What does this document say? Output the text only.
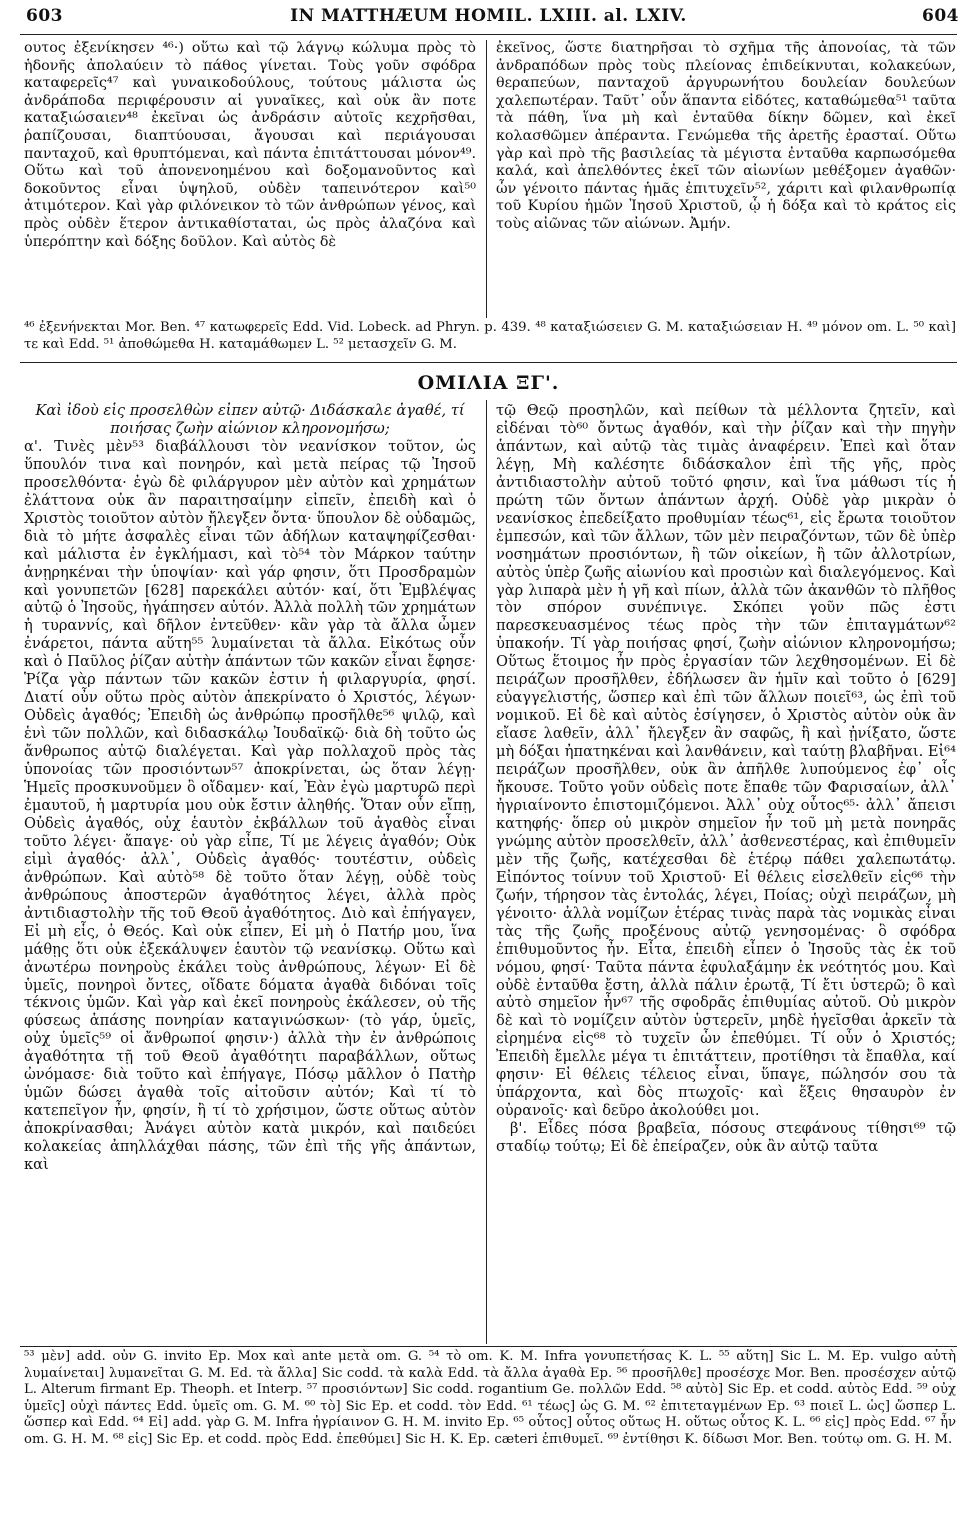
603	IN MATTHÆUM HOMIL. LXIII. al. LXIV.	604

ουτος ἐξενίκησεν ⁴⁶·) οὕτω καὶ τῷ λάγνῳ κώλυμα πρὸς τὸ ἡδονῆς ἀπολαύειν τὸ πάθος γίνεται. Τοὺς γοῦν σφόδρα καταφερεῖς⁴⁷ καὶ γυναικοδούλους, τούτους μάλιστα ὡς ἀνδράποδα περιφέρουσιν αἱ γυναῖκες, καὶ οὐκ ἂν ποτε καταξιώσαιεν⁴⁸ ἐκεῖναι ὡς ἀνδράσιν αὐτοῖς κεχρῆσθαι, ῥαπίζουσαι, διαπτύουσαι, ἄγουσαι καὶ περιάγουσαι πανταχοῦ, καὶ θρυπτόμεναι, καὶ πάντα ἐπιτάττουσαι μόνον⁴⁹. Οὕτω καὶ τοῦ ἀπονενοημένου καὶ δοξομανοῦντος καὶ δοκοῦντος εἶναι ὑψηλοῦ, οὐδὲν ταπεινότερον καὶ⁵⁰ ἀτιμότερον. Καὶ γὰρ φιλόνεικον τὸ τῶν ἀνθρώπων γένος, καὶ πρὸς οὐδὲν ἕτερον ἀντικαθίσταται, ὡς πρὸς ἀλαζόνα καὶ ὑπερόπτην καὶ δόξης δοῦλον. Καὶ αὐτὸς δὲ

ἐκεῖνος, ὥστε διατηρῆσαι τὸ σχῆμα τῆς ἀπονοίας, τὰ τῶν ἀνδραπόδων πρὸς τοὺς πλείονας ἐπιδείκνυται, κολακεύων, θεραπεύων, πανταχοῦ ἀργυρωνήτου δουλείαν δουλεύων χαλεπωτέραν. Ταῦτ᾽ οὖν ἅπαντα εἰδότες, καταθώμεθα⁵¹ ταῦτα τὰ πάθη, ἵνα μὴ καὶ ἐνταῦθα δίκην δῶμεν, καὶ ἐκεῖ κολασθῶμεν ἀπέραντα. Γενώμεθα τῆς ἀρετῆς ἐρασταί. Οὕτω γὰρ καὶ πρὸ τῆς βασιλείας τὰ μέγιστα ἐνταῦθα καρπωσόμεθα καλά, καὶ ἀπελθόντες ἐκεῖ τῶν αἰωνίων μεθέξομεν ἀγαθῶν· ὧν γένοιτο πάντας ἡμᾶς ἐπιτυχεῖν⁵², χάριτι καὶ φιλανθρωπίᾳ τοῦ Κυρίου ἡμῶν Ἰησοῦ Χριστοῦ, ᾧ ἡ δόξα καὶ τὸ κράτος εἰς τοὺς αἰῶνας τῶν αἰώνων. Ἀμήν.

⁴⁶ ἐξενήνεκται Mor. Ben. ⁴⁷ κατωφερεῖς Edd. Vid. Lobeck. ad Phryn. p. 439. ⁴⁸ καταξιώσειεν G. M. καταξιώσειαν H. ⁴⁹ μόνον om. L. ⁵⁰ καὶ] τε καὶ Edd. ⁵¹ ἀποθώμεθα H. καταμάθωμεν L. ⁵² μετασχεῖν G. M.
ΟΜΙΛΙΑ ΞΓ'.

Καὶ ἰδοὺ εἷς προσελθὼν εἶπεν αὐτῷ· Διδάσκαλε ἀγαθέ, τί ποιήσας ζωὴν αἰώνιον κληρονομήσω;

α'. Τινὲς μὲν⁵³ διαβάλλουσι τὸν νεανίσκον τοῦτον, ὡς ὕπουλόν τινα καὶ πονηρόν, καὶ μετὰ πείρας τῷ Ἰησοῦ προσελθόντα· ἐγὼ δὲ φιλάργυρον μὲν αὐτὸν καὶ χρημάτων ἐλάττονα οὐκ ἂν παραιτησαίμην εἰπεῖν, ἐπειδὴ καὶ ὁ Χριστὸς τοιοῦτον αὐτὸν ἤλεγξεν ὄντα· ὕπουλον δὲ οὐδαμῶς, διὰ τὸ μήτε ἀσφαλὲς εἶναι τῶν ἀδήλων καταψηφίζεσθαι· καὶ μάλιστα ἐν ἐγκλήμασι, καὶ τὸ⁵⁴ τὸν Μάρκον ταύτην ἀνῃρηκέναι τὴν ὑποψίαν· καὶ γάρ φησιν, ὅτι Προσδραμὼν καὶ γονυπετῶν [628] παρεκάλει αὐτόν· καί, ὅτι Ἐμβλέψας αὐτῷ ὁ Ἰησοῦς, ἠγάπησεν αὐτόν. Ἀλλὰ πολλὴ τῶν χρημάτων ἡ τυραννίς, καὶ δῆλον ἐντεῦθεν· κἂν γὰρ τὰ ἄλλα ὦμεν ἐνάρετοι, πάντα αὕτη⁵⁵ λυμαίνεται τὰ ἄλλα. Εἰκότως οὖν καὶ ὁ Παῦλος ῥίζαν αὐτὴν ἁπάντων τῶν κακῶν εἶναι ἔφησε· Ῥίζα γὰρ πάντων τῶν κακῶν ἐστιν ἡ φιλαργυρία, φησί. Διατί οὖν οὕτω πρὸς αὐτὸν ἀπεκρίνατο ὁ Χριστός, λέγων· Οὐδεὶς ἀγαθός; Ἐπειδὴ ὡς ἀνθρώπῳ προσῆλθε⁵⁶ ψιλῷ, καὶ ἑνὶ τῶν πολλῶν, καὶ διδασκάλῳ Ἰουδαϊκῷ· διὰ δὴ τοῦτο ὡς ἄνθρωπος αὐτῷ διαλέγεται. Καὶ γὰρ πολλαχοῦ πρὸς τὰς ὑπονοίας τῶν προσιόντων⁵⁷ ἀποκρίνεται, ὡς ὅταν λέγῃ· Ἡμεῖς προσκυνοῦμεν ὃ οἴδαμεν· καί, Ἐὰν ἐγὼ μαρτυρῶ περὶ ἐμαυτοῦ, ἡ μαρτυρία μου οὐκ ἔστιν ἀληθής. Ὅταν οὖν εἴπῃ, Οὐδεὶς ἀγαθός, οὐχ ἑαυτὸν ἐκβάλλων τοῦ ἀγαθὸς εἶναι τοῦτο λέγει· ἄπαγε· οὐ γὰρ εἶπε, Τί με λέγεις ἀγαθόν; Οὐκ εἰμὶ ἀγαθός· ἀλλ᾽, Οὐδεὶς ἀγαθός· τουτέστιν, οὐδεὶς ἀνθρώπων. Καὶ αὐτὸ⁵⁸ δὲ τοῦτο ὅταν λέγῃ, οὐδὲ τοὺς ἀνθρώπους ἀποστερῶν ἀγαθότητος λέγει, ἀλλὰ πρὸς ἀντιδιαστολὴν τῆς τοῦ Θεοῦ ἀγαθότητος. Διὸ καὶ ἐπήγαγεν, Εἰ μὴ εἷς, ὁ Θεός. Καὶ οὐκ εἶπεν, Εἰ μὴ ὁ Πατήρ μου, ἵνα μάθῃς ὅτι οὐκ ἐξεκάλυψεν ἑαυτὸν τῷ νεανίσκῳ. Οὕτω καὶ ἀνωτέρω πονηροὺς ἐκάλει τοὺς ἀνθρώπους, λέγων· Εἰ δὲ ὑμεῖς, πονηροὶ ὄντες, οἴδατε δόματα ἀγαθὰ διδόναι τοῖς τέκνοις ὑμῶν. Καὶ γὰρ καὶ ἐκεῖ πονηροὺς ἐκάλεσεν, οὐ τῆς φύσεως ἁπάσης πονηρίαν καταγινώσκων· (τὸ γάρ, ὑμεῖς, οὐχ ὑμεῖς⁵⁹ οἱ ἄνθρωποί φησιν·) ἀλλὰ τὴν ἐν ἀνθρώποις ἀγαθότητα τῇ τοῦ Θεοῦ ἀγαθότητι παραβάλλων, οὕτως ὠνόμασε· διὰ τοῦτο καὶ ἐπήγαγε, Πόσῳ μᾶλλον ὁ Πατὴρ ὑμῶν δώσει ἀγαθὰ τοῖς αἰτοῦσιν αὐτόν; Καὶ τί τὸ κατεπεῖγον ἦν, φησίν, ἢ τί τὸ χρήσιμον, ὥστε οὕτως αὐτὸν ἀποκρίνασθαι; Ἀνάγει αὐτὸν κατὰ μικρόν, καὶ παιδεύει κολακείας ἀπηλλάχθαι πάσης, τῶν ἐπὶ τῆς γῆς ἁπάντων, καὶ

τῷ Θεῷ προσηλῶν, καὶ πείθων τὰ μέλλοντα ζητεῖν, καὶ εἰδέναι τὸ⁶⁰ ὄντως ἀγαθόν, καὶ τὴν ῥίζαν καὶ τὴν πηγὴν ἁπάντων, καὶ αὐτῷ τὰς τιμὰς ἀναφέρειν. Ἐπεὶ καὶ ὅταν λέγῃ, Μὴ καλέσητε διδάσκαλον ἐπὶ τῆς γῆς, πρὸς ἀντιδιαστολὴν αὐτοῦ τοῦτό φησιν, καὶ ἵνα μάθωσι τίς ἡ πρώτη τῶν ὄντων ἁπάντων ἀρχή. Οὐδὲ γὰρ μικρὰν ὁ νεανίσκος ἐπεδείξατο προθυμίαν τέως⁶¹, εἰς ἔρωτα τοιοῦτον ἐμπεσών, καὶ τῶν ἄλλων, τῶν μὲν πειραζόντων, τῶν δὲ ὑπὲρ νοσημάτων προσιόντων, ἢ τῶν οἰκείων, ἢ τῶν ἀλλοτρίων, αὐτὸς ὑπὲρ ζωῆς αἰωνίου καὶ προσιὼν καὶ διαλεγόμενος. Καὶ γὰρ λιπαρὰ μὲν ἡ γῆ καὶ πίων, ἀλλὰ τῶν ἀκανθῶν τὸ πλῆθος τὸν σπόρον συνέπνιγε. Σκόπει γοῦν πῶς ἐστι παρεσκευασμένος τέως πρὸς τὴν τῶν ἐπιταγμάτων⁶² ὑπακοήν. Τί γὰρ ποιήσας φησί, ζωὴν αἰώνιον κληρονομήσω; Οὕτως ἕτοιμος ἦν πρὸς ἐργασίαν τῶν λεχθησομένων. Εἰ δὲ πειράζων προσῆλθεν, ἐδήλωσεν ἂν ἡμῖν καὶ τοῦτο ὁ [629] εὐαγγελιστής, ὥσπερ καὶ ἐπὶ τῶν ἄλλων ποιεῖ⁶³, ὡς ἐπὶ τοῦ νομικοῦ. Εἰ δὲ καὶ αὐτὸς ἐσίγησεν, ὁ Χριστὸς αὐτὸν οὐκ ἂν εἴασε λαθεῖν, ἀλλ᾽ ἤλεγξεν ἂν σαφῶς, ἢ καὶ ᾐνίξατο, ὥστε μὴ δόξαι ἠπατηκέναι καὶ λανθάνειν, καὶ ταύτῃ βλαβῆναι. Εἰ⁶⁴ πειράζων προσῆλθεν, οὐκ ἂν ἀπῆλθε λυπούμενος ἐφ᾽ οἷς ἤκουσε. Τοῦτο γοῦν οὐδεὶς ποτε ἔπαθε τῶν Φαρισαίων, ἀλλ᾽ ἠγριαίνοντο ἐπιστομιζόμενοι. Ἀλλ᾽ οὐχ οὗτος⁶⁵· ἀλλ᾽ ἄπεισι κατηφής· ὅπερ οὐ μικρὸν σημεῖον ἦν τοῦ μὴ μετὰ πονηρᾶς γνώμης αὐτὸν προσελθεῖν, ἀλλ᾽ ἀσθενεστέρας, καὶ ἐπιθυμεῖν μὲν τῆς ζωῆς, κατέχεσθαι δὲ ἑτέρῳ πάθει χαλεπωτάτῳ. Εἰπόντος τοίνυν τοῦ Χριστοῦ· Εἰ θέλεις εἰσελθεῖν εἰς⁶⁶ τὴν ζωήν, τήρησον τὰς ἐντολάς, λέγει, Ποίας; οὐχὶ πειράζων, μὴ γένοιτο· ἀλλὰ νομίζων ἑτέρας τινὰς παρὰ τὰς νομικὰς εἶναι τὰς τῆς ζωῆς προξένους αὐτῷ γενησομένας· ὃ σφόδρα ἐπιθυμοῦντος ἦν. Εἶτα, ἐπειδὴ εἶπεν ὁ Ἰησοῦς τὰς ἐκ τοῦ νόμου, φησί· Ταῦτα πάντα ἐφυλαξάμην ἐκ νεότητός μου. Καὶ οὐδὲ ἐνταῦθα ἔστη, ἀλλὰ πάλιν ἐρωτᾷ, Τί ἔτι ὑστερῶ; ὃ καὶ αὐτὸ σημεῖον ἦν⁶⁷ τῆς σφοδρᾶς ἐπιθυμίας αὐτοῦ. Οὐ μικρὸν δὲ καὶ τὸ νομίζειν αὐτὸν ὑστερεῖν, μηδὲ ἡγεῖσθαι ἀρκεῖν τὰ εἰρημένα εἰς⁶⁸ τὸ τυχεῖν ὧν ἐπεθύμει. Τί οὖν ὁ Χριστός; Ἐπειδὴ ἔμελλε μέγα τι ἐπιτάττειν, προτίθησι τὰ ἔπαθλα, καί φησιν· Εἰ θέλεις τέλειος εἶναι, ὕπαγε, πώλησόν σου τὰ ὑπάρχοντα, καὶ δὸς πτωχοῖς· καὶ ἕξεις θησαυρὸν ἐν οὐρανοῖς· καὶ δεῦρο ἀκολούθει μοι.

β'. Εἶδες πόσα βραβεῖα, πόσους στεφάνους τίθησι⁶⁹ τῷ σταδίῳ τούτῳ; Εἰ δὲ ἐπείραζεν, οὐκ ἂν αὐτῷ ταῦτα

⁵³ μὲν] add. οὖν G. invito Ep. Mox καὶ ante μετὰ om. G. ⁵⁴ τὸ om. K. M. Infra γονυπετήσας K. L. ⁵⁵ αὕτη] Sic L. M. Ep. vulgo αὐτὴ λυμαίνεται] λυμανεῖται G. M. Ed. τὰ ἄλλα] Sic codd. τὰ καλὰ Edd. τὰ ἄλλα ἀγαθὰ Ep. ⁵⁶ προσῆλθε] προσέσχε Mor. Ben. προσέσχεν αὐτῷ L. Alterum firmant Ep. Theoph. et Interp. ⁵⁷ προσιόντων] Sic codd. rogantium Ge. πολλῶν Edd. ⁵⁸ αὐτὸ] Sic Ep. et codd. αὐτὸς Edd. ⁵⁹ οὐχ ὑμεῖς] οὐχὶ πάντες Edd. ὑμεῖς om. G. M. ⁶⁰ τὸ] Sic Ep. et codd. τὸν Edd. ⁶¹ τέως] ὡς G. M. ⁶² ἐπιτεταγμένων Ep. ⁶³ ποιεῖ L. ὡς] ὥσπερ L. ὥσπερ καὶ Edd. ⁶⁴ Εἰ] add. γὰρ G. M. Infra ἠγρίαινον G. H. M. invito Ep. ⁶⁵ οὗτος] οὗτος οὕτως H. οὕτως οὗτος K. L. ⁶⁶ εἰς] πρὸς Edd. ⁶⁷ ἦν om. G. H. M. ⁶⁸ εἰς] Sic Ep. et codd. πρὸς Edd. ἐπεθύμει] Sic H. K. Ep. cæteri ἐπιθυμεῖ. ⁶⁹ ἐντίθησι K. δίδωσι Mor. Ben. τούτῳ om. G. H. M.
